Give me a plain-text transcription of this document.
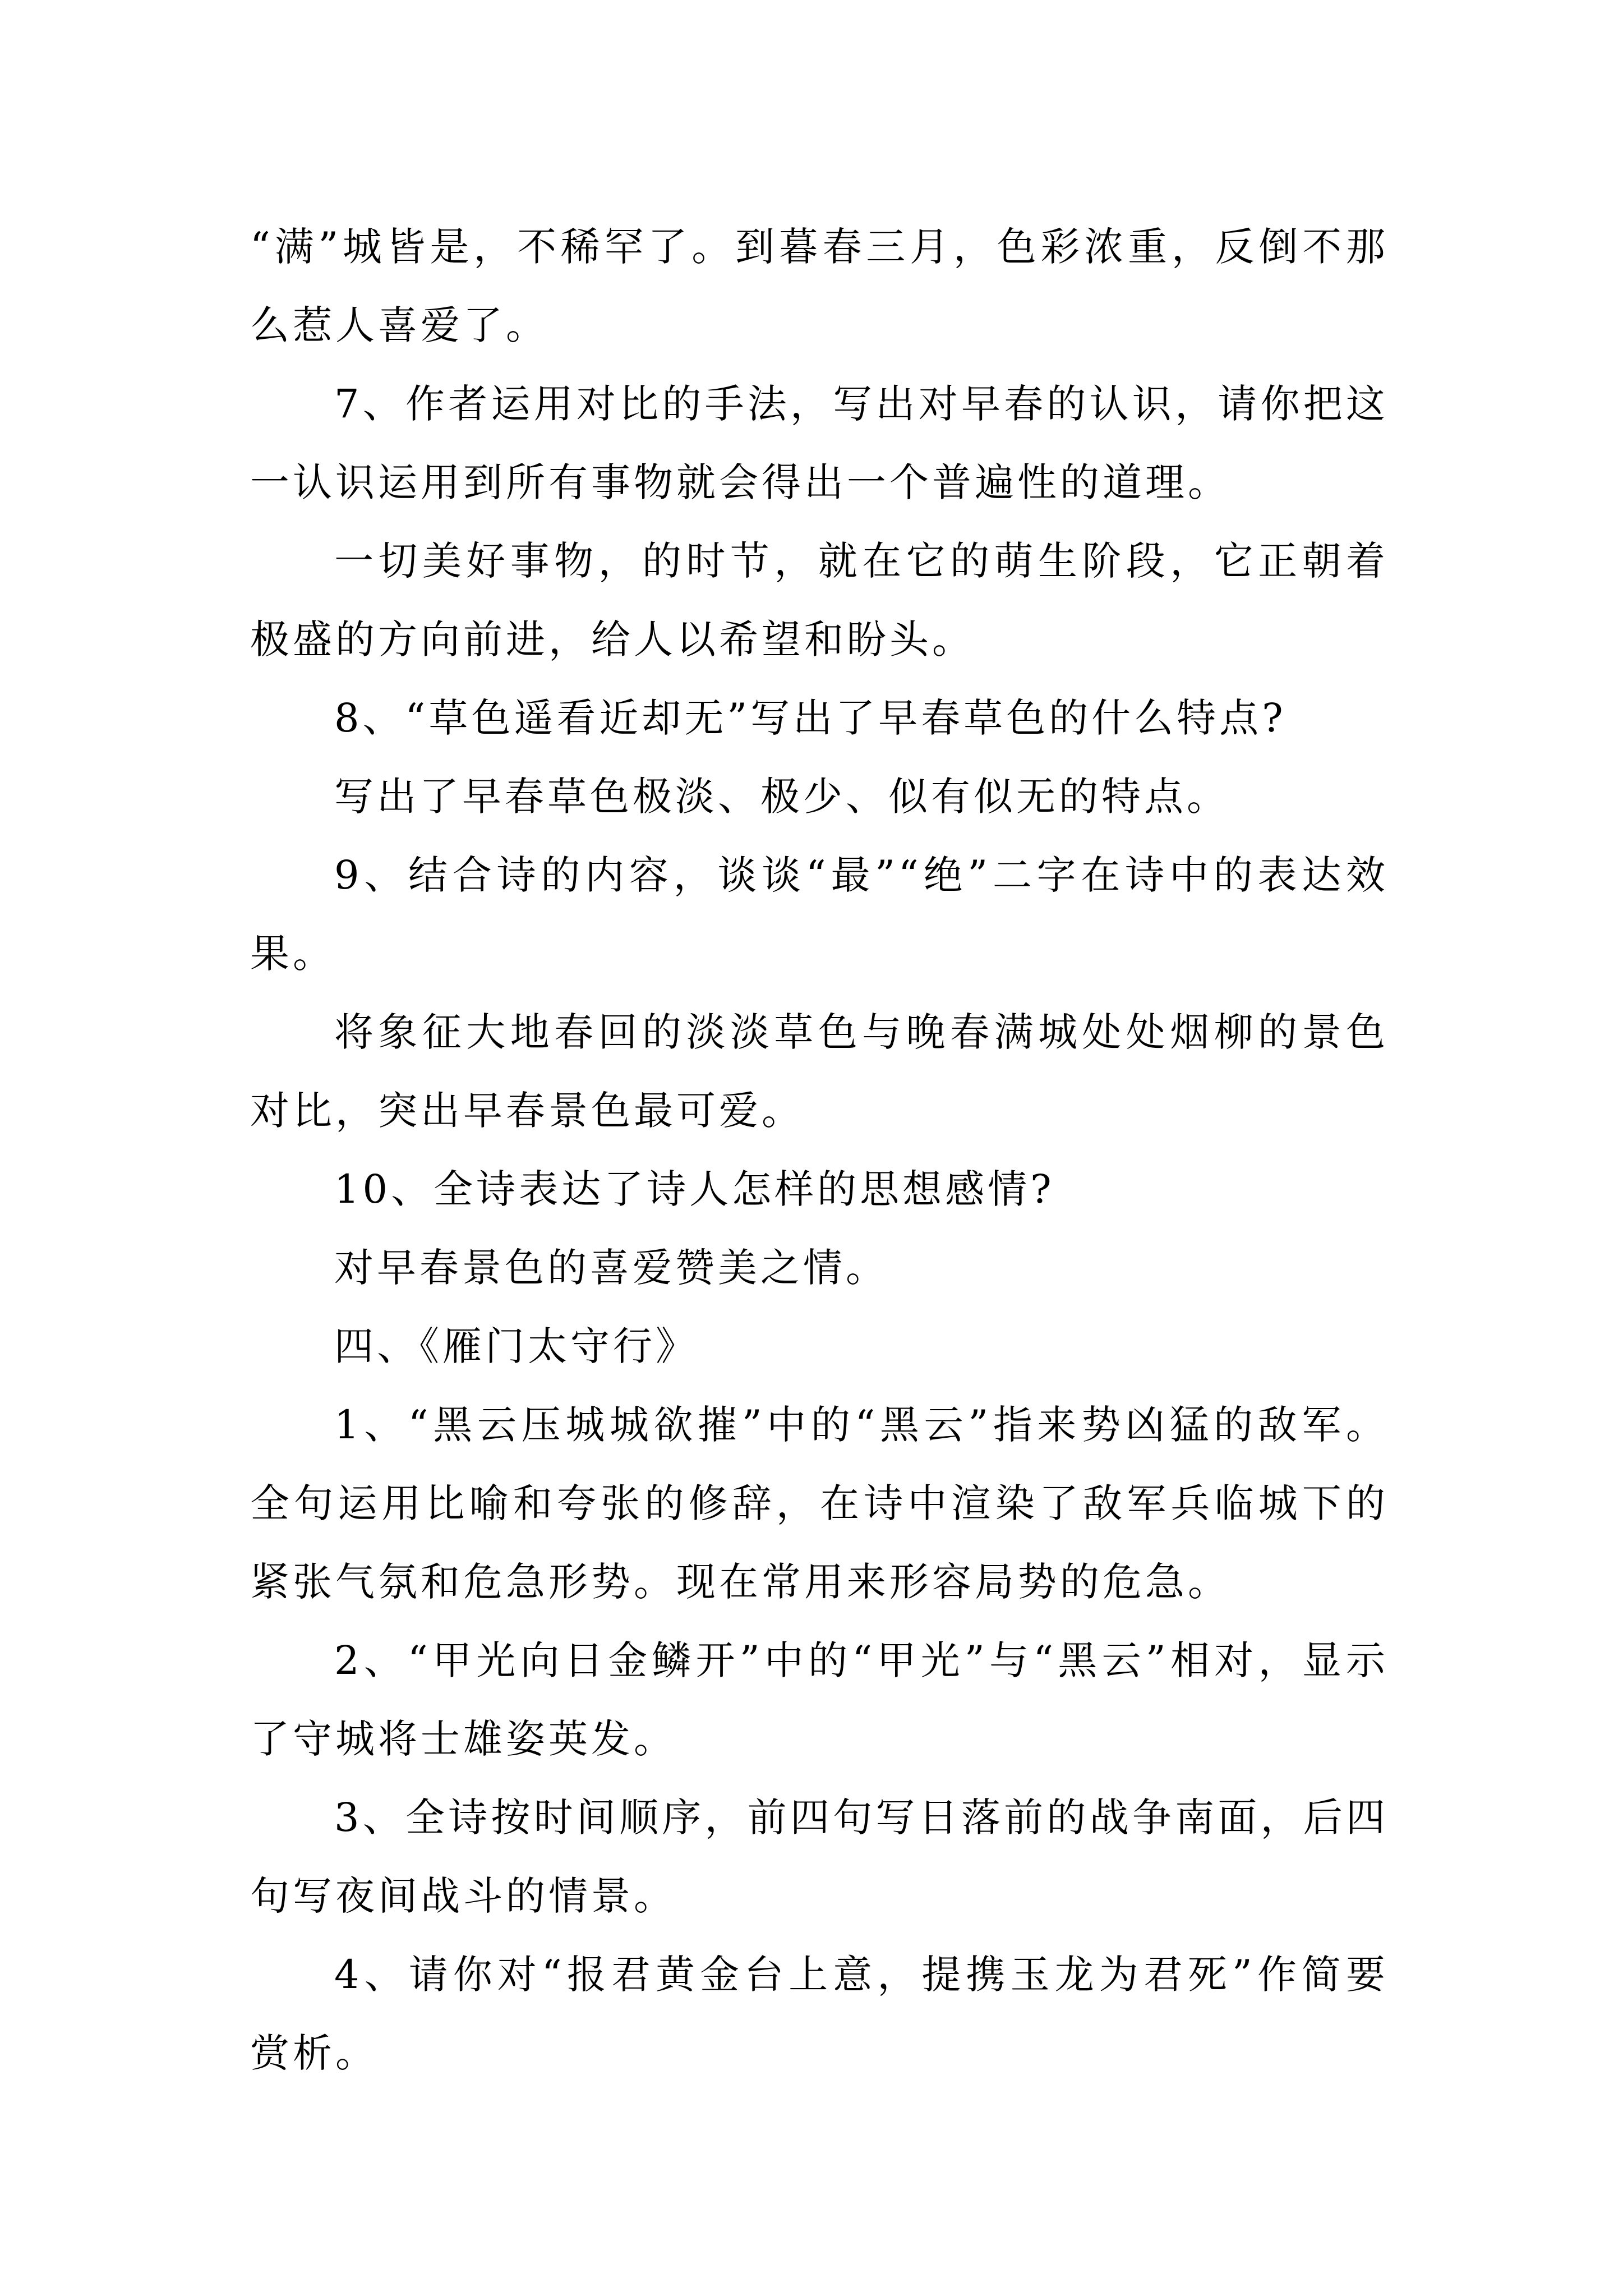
“满”城皆是，不稀罕了。到暮春三月，色彩浓重，反倒不那么惹人喜爱了。

7、作者运用对比的手法，写出对早春的认识，请你把这一认识运用到所有事物就会得出一个普遍性的道理。

一切美好事物，的时节，就在它的萌生阶段，它正朝着极盛的方向前进，给人以希望和盼头。

8、“草色遥看近却无”写出了早春草色的什么特点?

写出了早春草色极淡、极少、似有似无的特点。

9、结合诗的内容，谈谈“最”“绝”二字在诗中的表达效果。

将象征大地春回的淡淡草色与晚春满城处处烟柳的景色对比，突出早春景色最可爱。

10、全诗表达了诗人怎样的思想感情?

对早春景色的喜爱赞美之情。

四、《雁门太守行》

1、“黑云压城城欲摧”中的“黑云”指来势凶猛的敌军。全句运用比喻和夸张的修辞，在诗中渲染了敌军兵临城下的紧张气氛和危急形势。现在常用来形容局势的危急。

2、“甲光向日金鳞开”中的“甲光”与“黑云”相对，显示了守城将士雄姿英发。

3、全诗按时间顺序，前四句写日落前的战争南面，后四句写夜间战斗的情景。

4、请你对“报君黄金台上意，提携玉龙为君死”作简要赏析。
